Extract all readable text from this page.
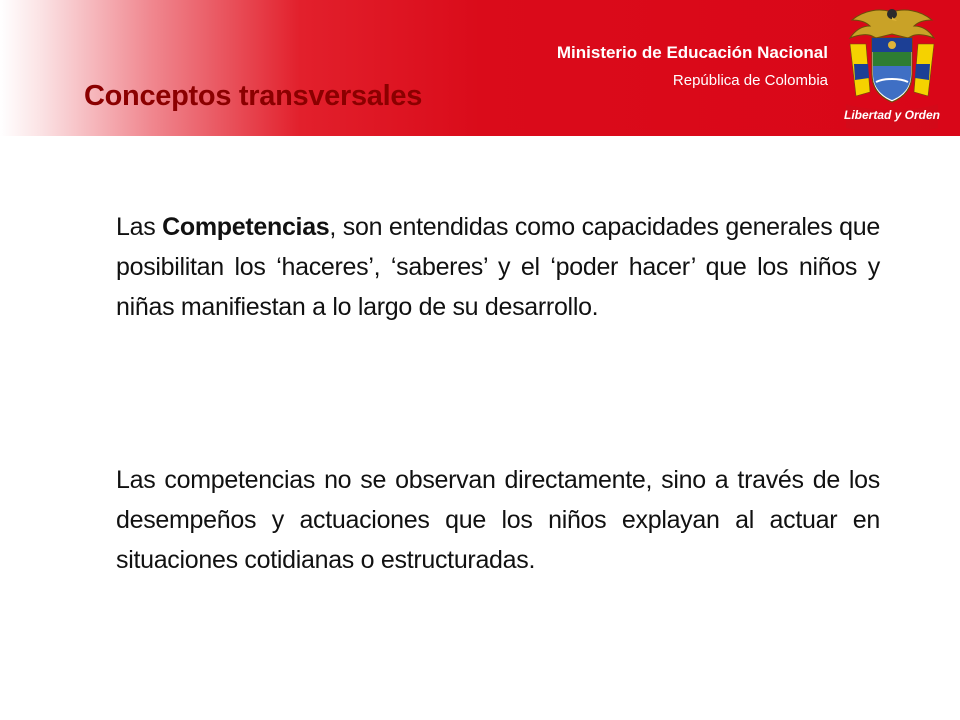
Ministerio de Educación Nacional
República de Colombia
Conceptos transversales
Libertad y Orden

Las Competencias, son entendidas como capacidades generales que posibilitan los ‘haceres’, ‘saberes’ y el ‘poder hacer’ que los niños y niñas manifiestan a lo largo de su desarrollo.

Las competencias no se observan directamente, sino a través de los desempeños y actuaciones que los niños explayan al actuar en situaciones cotidianas o estructuradas.
